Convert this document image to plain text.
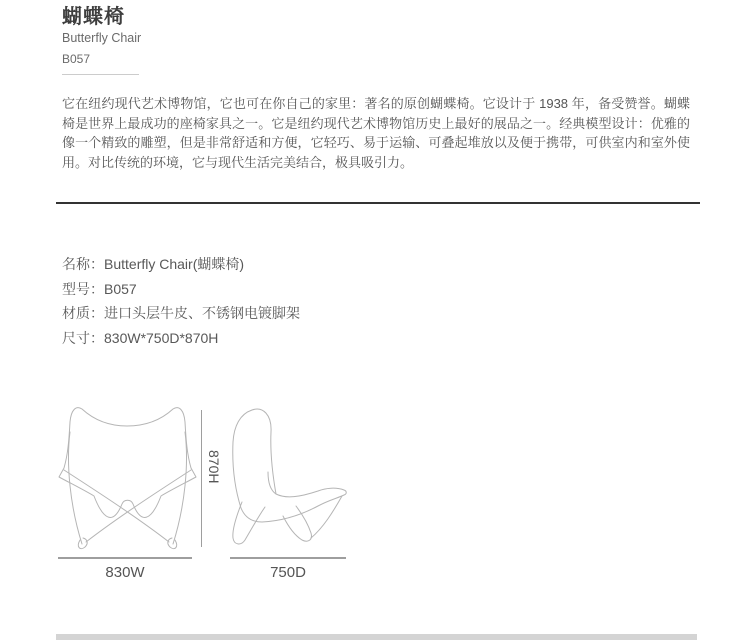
蝴蝶椅
Butterfly Chair
B057

它在纽约现代艺术博物馆，它也可在你自己的家里：著名的原创蝴蝶椅。它设计于 1938 年，备受赞誉。蝴蝶椅是世界上最成功的座椅家具之一。它是纽约现代艺术博物馆历史上最好的展品之一。经典模型设计：优雅的像一个精致的雕塑，但是非常舒适和方便，它轻巧、易于运输、可叠起堆放以及便于携带，可供室内和室外使用。对比传统的环境，它与现代生活完美结合，极具吸引力。

名称：Butterfly Chair(蝴蝶椅)
型号：B057
材质：进口头层牛皮、不锈钢电镀脚架
尺寸：830W*750D*870H
870H
830W	750D
